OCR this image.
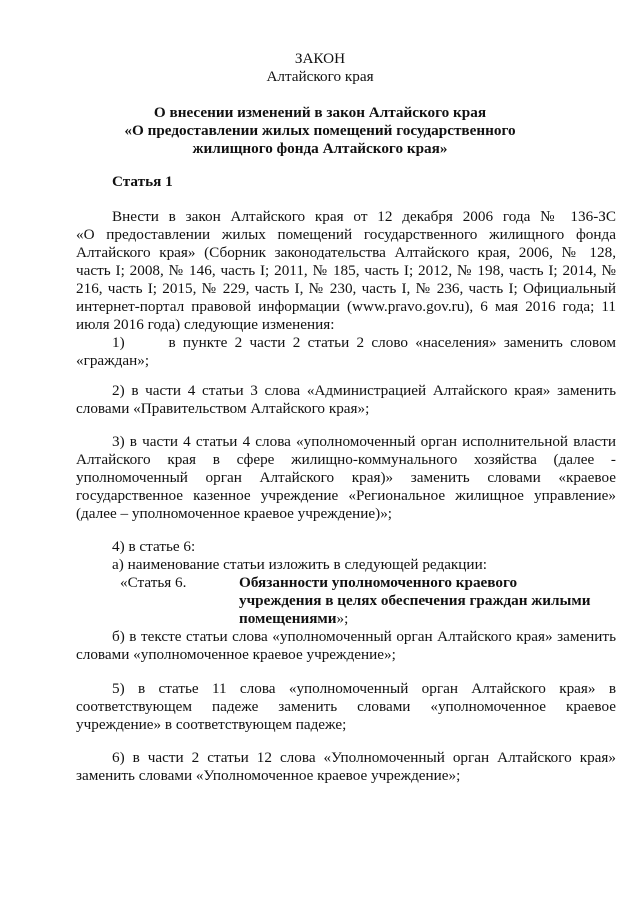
ЗАКОН
Алтайского края
О внесении изменений в закон Алтайского края
«О предоставлении жилых помещений государственного
жилищного фонда Алтайского края»
Статья 1
Внести в закон Алтайского края от 12 декабря 2006 года № 136-ЗС
«О предоставлении жилых помещений государственного жилищного фонда
Алтайского края» (Сборник законодательства Алтайского края, 2006, № 128,
часть I; 2008, № 146, часть I; 2011, № 185, часть I; 2012, № 198, часть I; 2014, №
216, часть I; 2015, № 229, часть I, № 230, часть I, № 236, часть I; Официальный
интернет-портал правовой информации (www.pravo.gov.ru), 6 мая 2016 года; 11
июля 2016 года) следующие изменения:
1)      в пункте 2 части 2 статьи 2 слово «населения» заменить словом
«граждан»;
2) в части 4 статьи 3 слова «Администрацией Алтайского края» заменить
словами «Правительством Алтайского края»;
3) в части 4 статьи 4 слова «уполномоченный орган исполнительной власти
Алтайского края в сфере жилищно-коммунального хозяйства (далее -
уполномоченный орган Алтайского края)» заменить словами «краевое
государственное казенное учреждение «Региональное жилищное управление»
(далее – уполномоченное краевое учреждение)»;
4) в статье 6:
а) наименование статьи изложить в следующей редакции:
«Статья 6.	Обязанности уполномоченного краевого
учреждения в целях обеспечения граждан жилыми
помещениями»;
б) в тексте статьи слова «уполномоченный орган Алтайского края» заменить
словами «уполномоченное краевое учреждение»;
5) в статье 11 слова «уполномоченный орган Алтайского края» в
соответствующем падеже заменить словами «уполномоченное краевое
учреждение» в соответствующем падеже;
6) в части 2 статьи 12 слова «Уполномоченный орган Алтайского края»
заменить словами «Уполномоченное краевое учреждение»;
